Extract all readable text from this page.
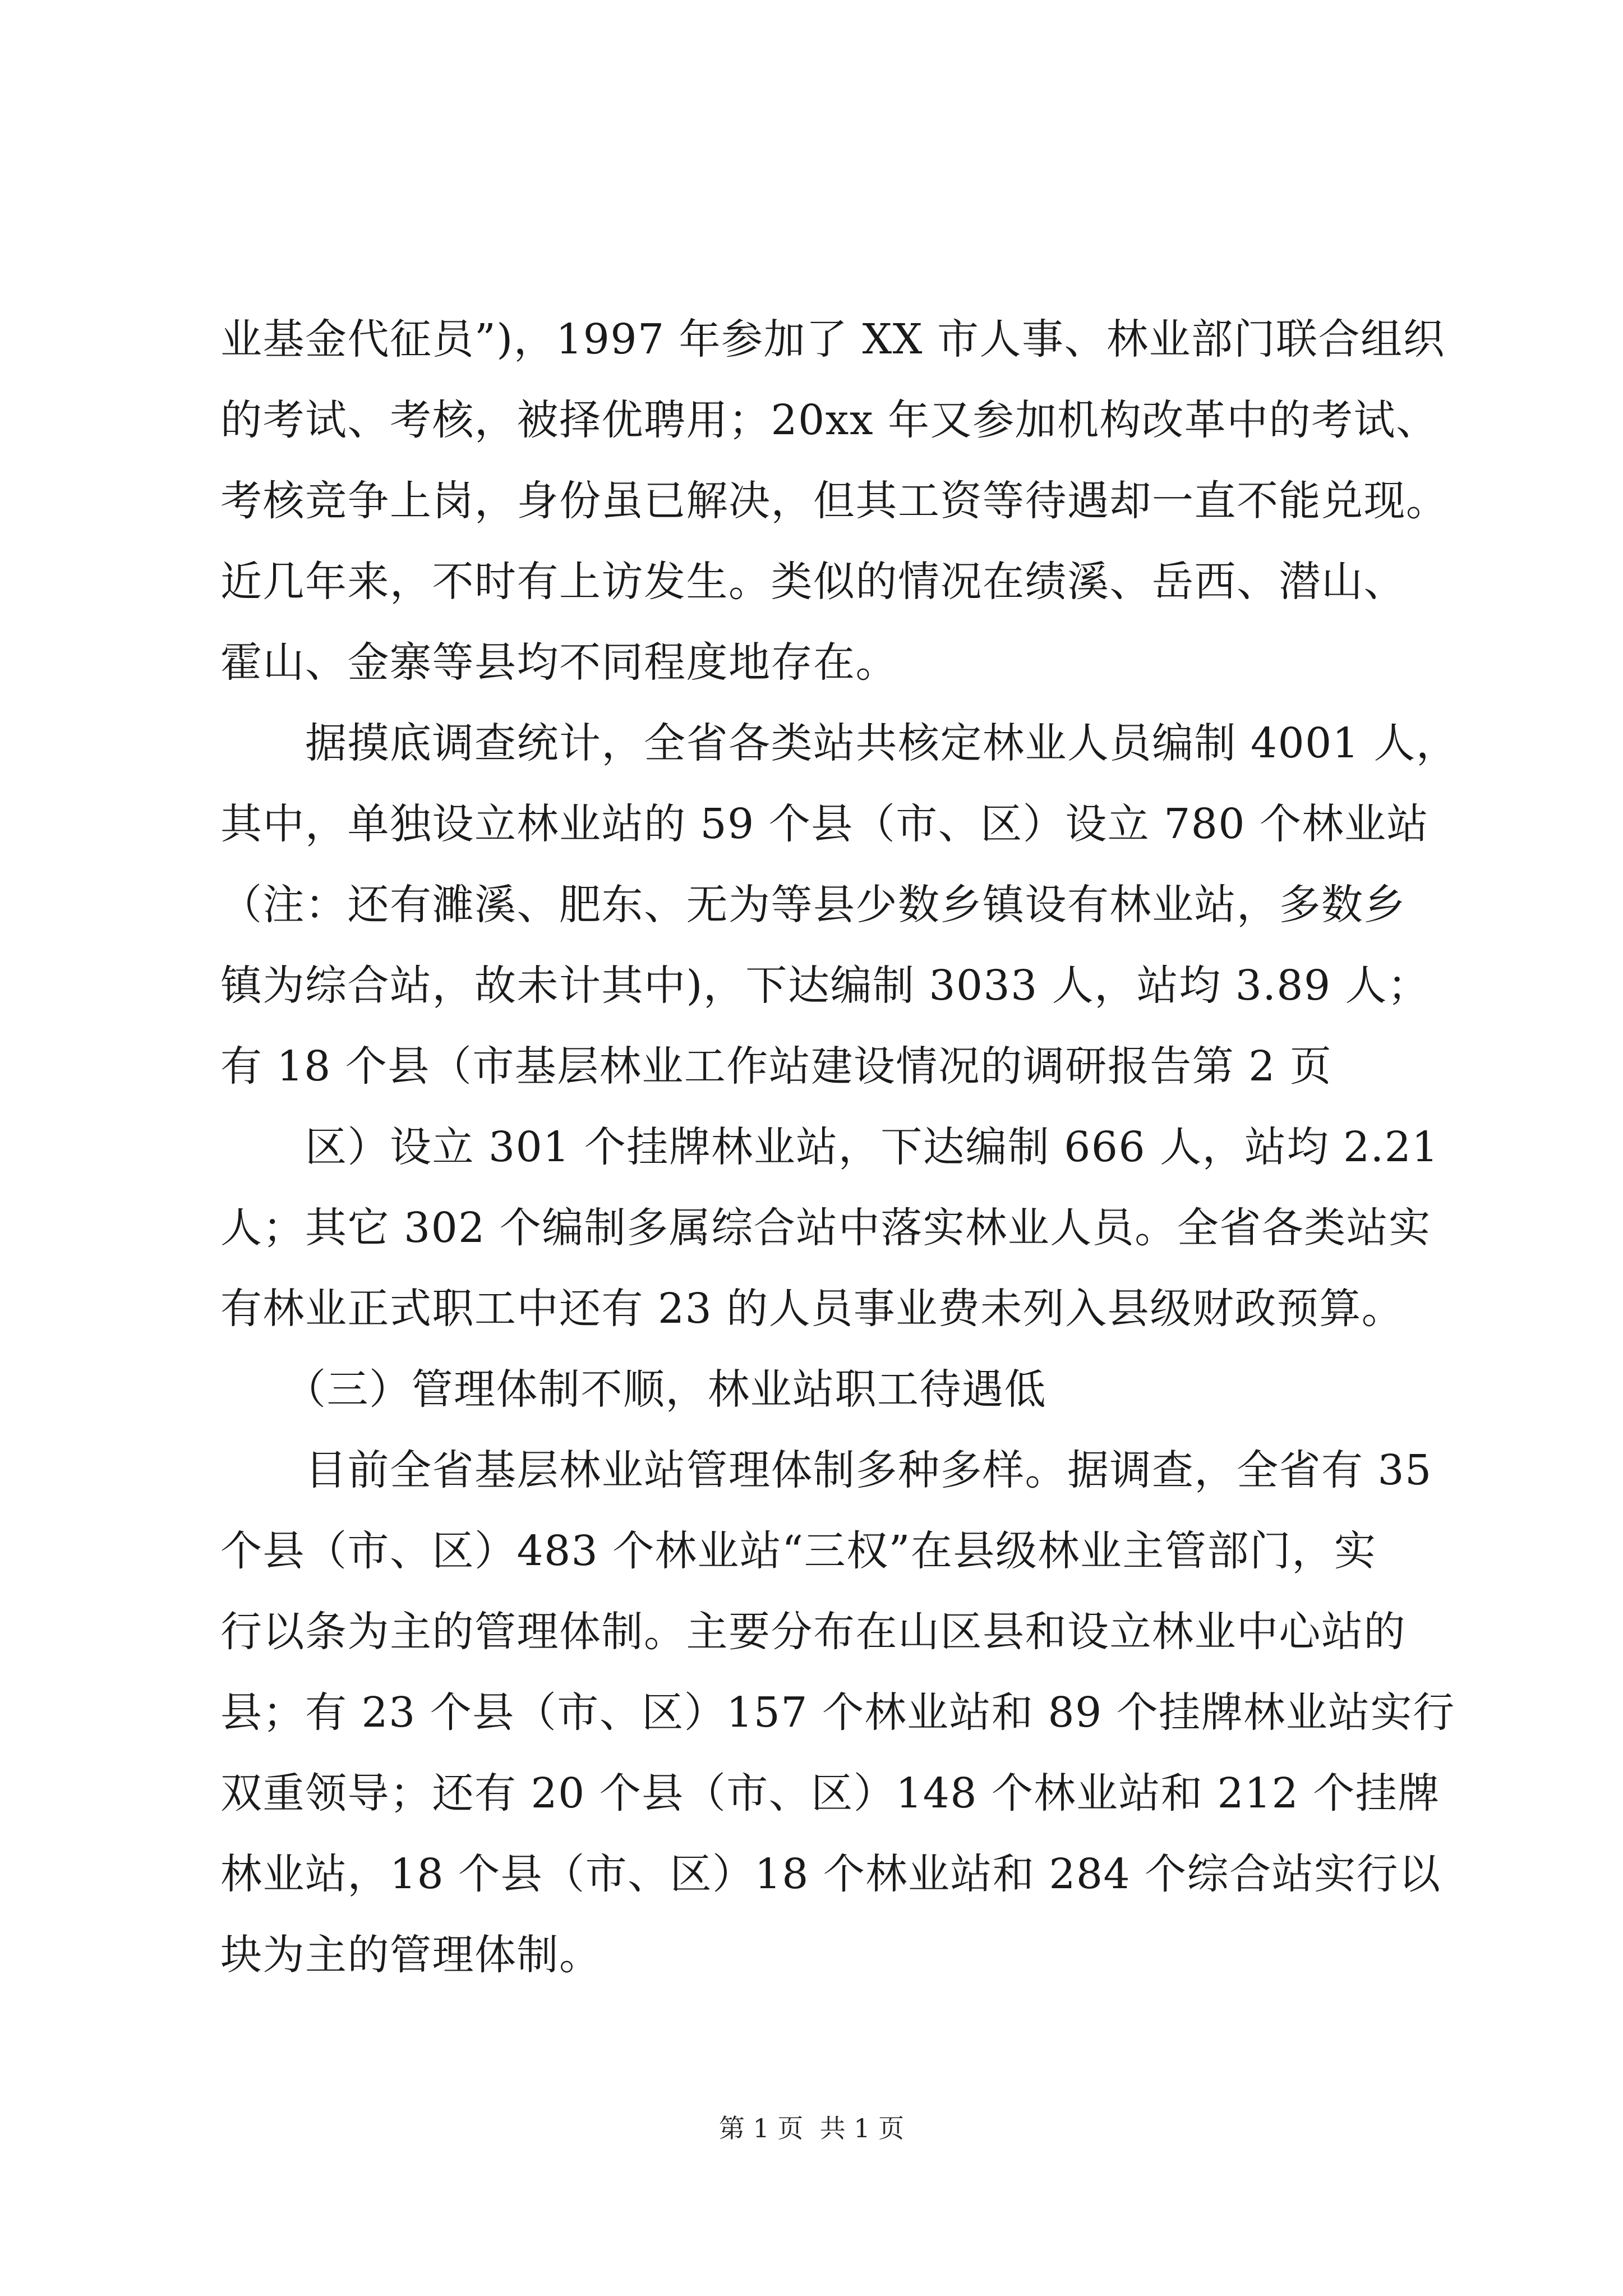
业基金代征员”)，1997 年参加了 XX 市人事、林业部门联合组织
的考试、考核，被择优聘用；20xx 年又参加机构改革中的考试、
考核竞争上岗，身份虽已解决，但其工资等待遇却一直不能兑现。
近几年来，不时有上访发生。类似的情况在绩溪、岳西、潜山、
霍山、金寨等县均不同程度地存在。
　　据摸底调查统计，全省各类站共核定林业人员编制 4001 人，
其中，单独设立林业站的 59 个县（市、区）设立 780 个林业站
（注：还有濉溪、肥东、无为等县少数乡镇设有林业站，多数乡
镇为综合站，故未计其中)，下达编制 3033 人，站均 3.89 人；
有 18 个县（市基层林业工作站建设情况的调研报告第 2 页
　　区）设立 301 个挂牌林业站，下达编制 666 人，站均 2.21
人；其它 302 个编制多属综合站中落实林业人员。全省各类站实
有林业正式职工中还有 23 的人员事业费未列入县级财政预算。
　　（三）管理体制不顺，林业站职工待遇低
　　目前全省基层林业站管理体制多种多样。据调查，全省有 35
个县（市、区）483 个林业站“三权”在县级林业主管部门，实
行以条为主的管理体制。主要分布在山区县和设立林业中心站的
县；有 23 个县（市、区）157 个林业站和 89 个挂牌林业站实行
双重领导；还有 20 个县（市、区）148 个林业站和 212 个挂牌
林业站，18 个县（市、区）18 个林业站和 284 个综合站实行以
块为主的管理体制。
第 1 页  共 1 页
